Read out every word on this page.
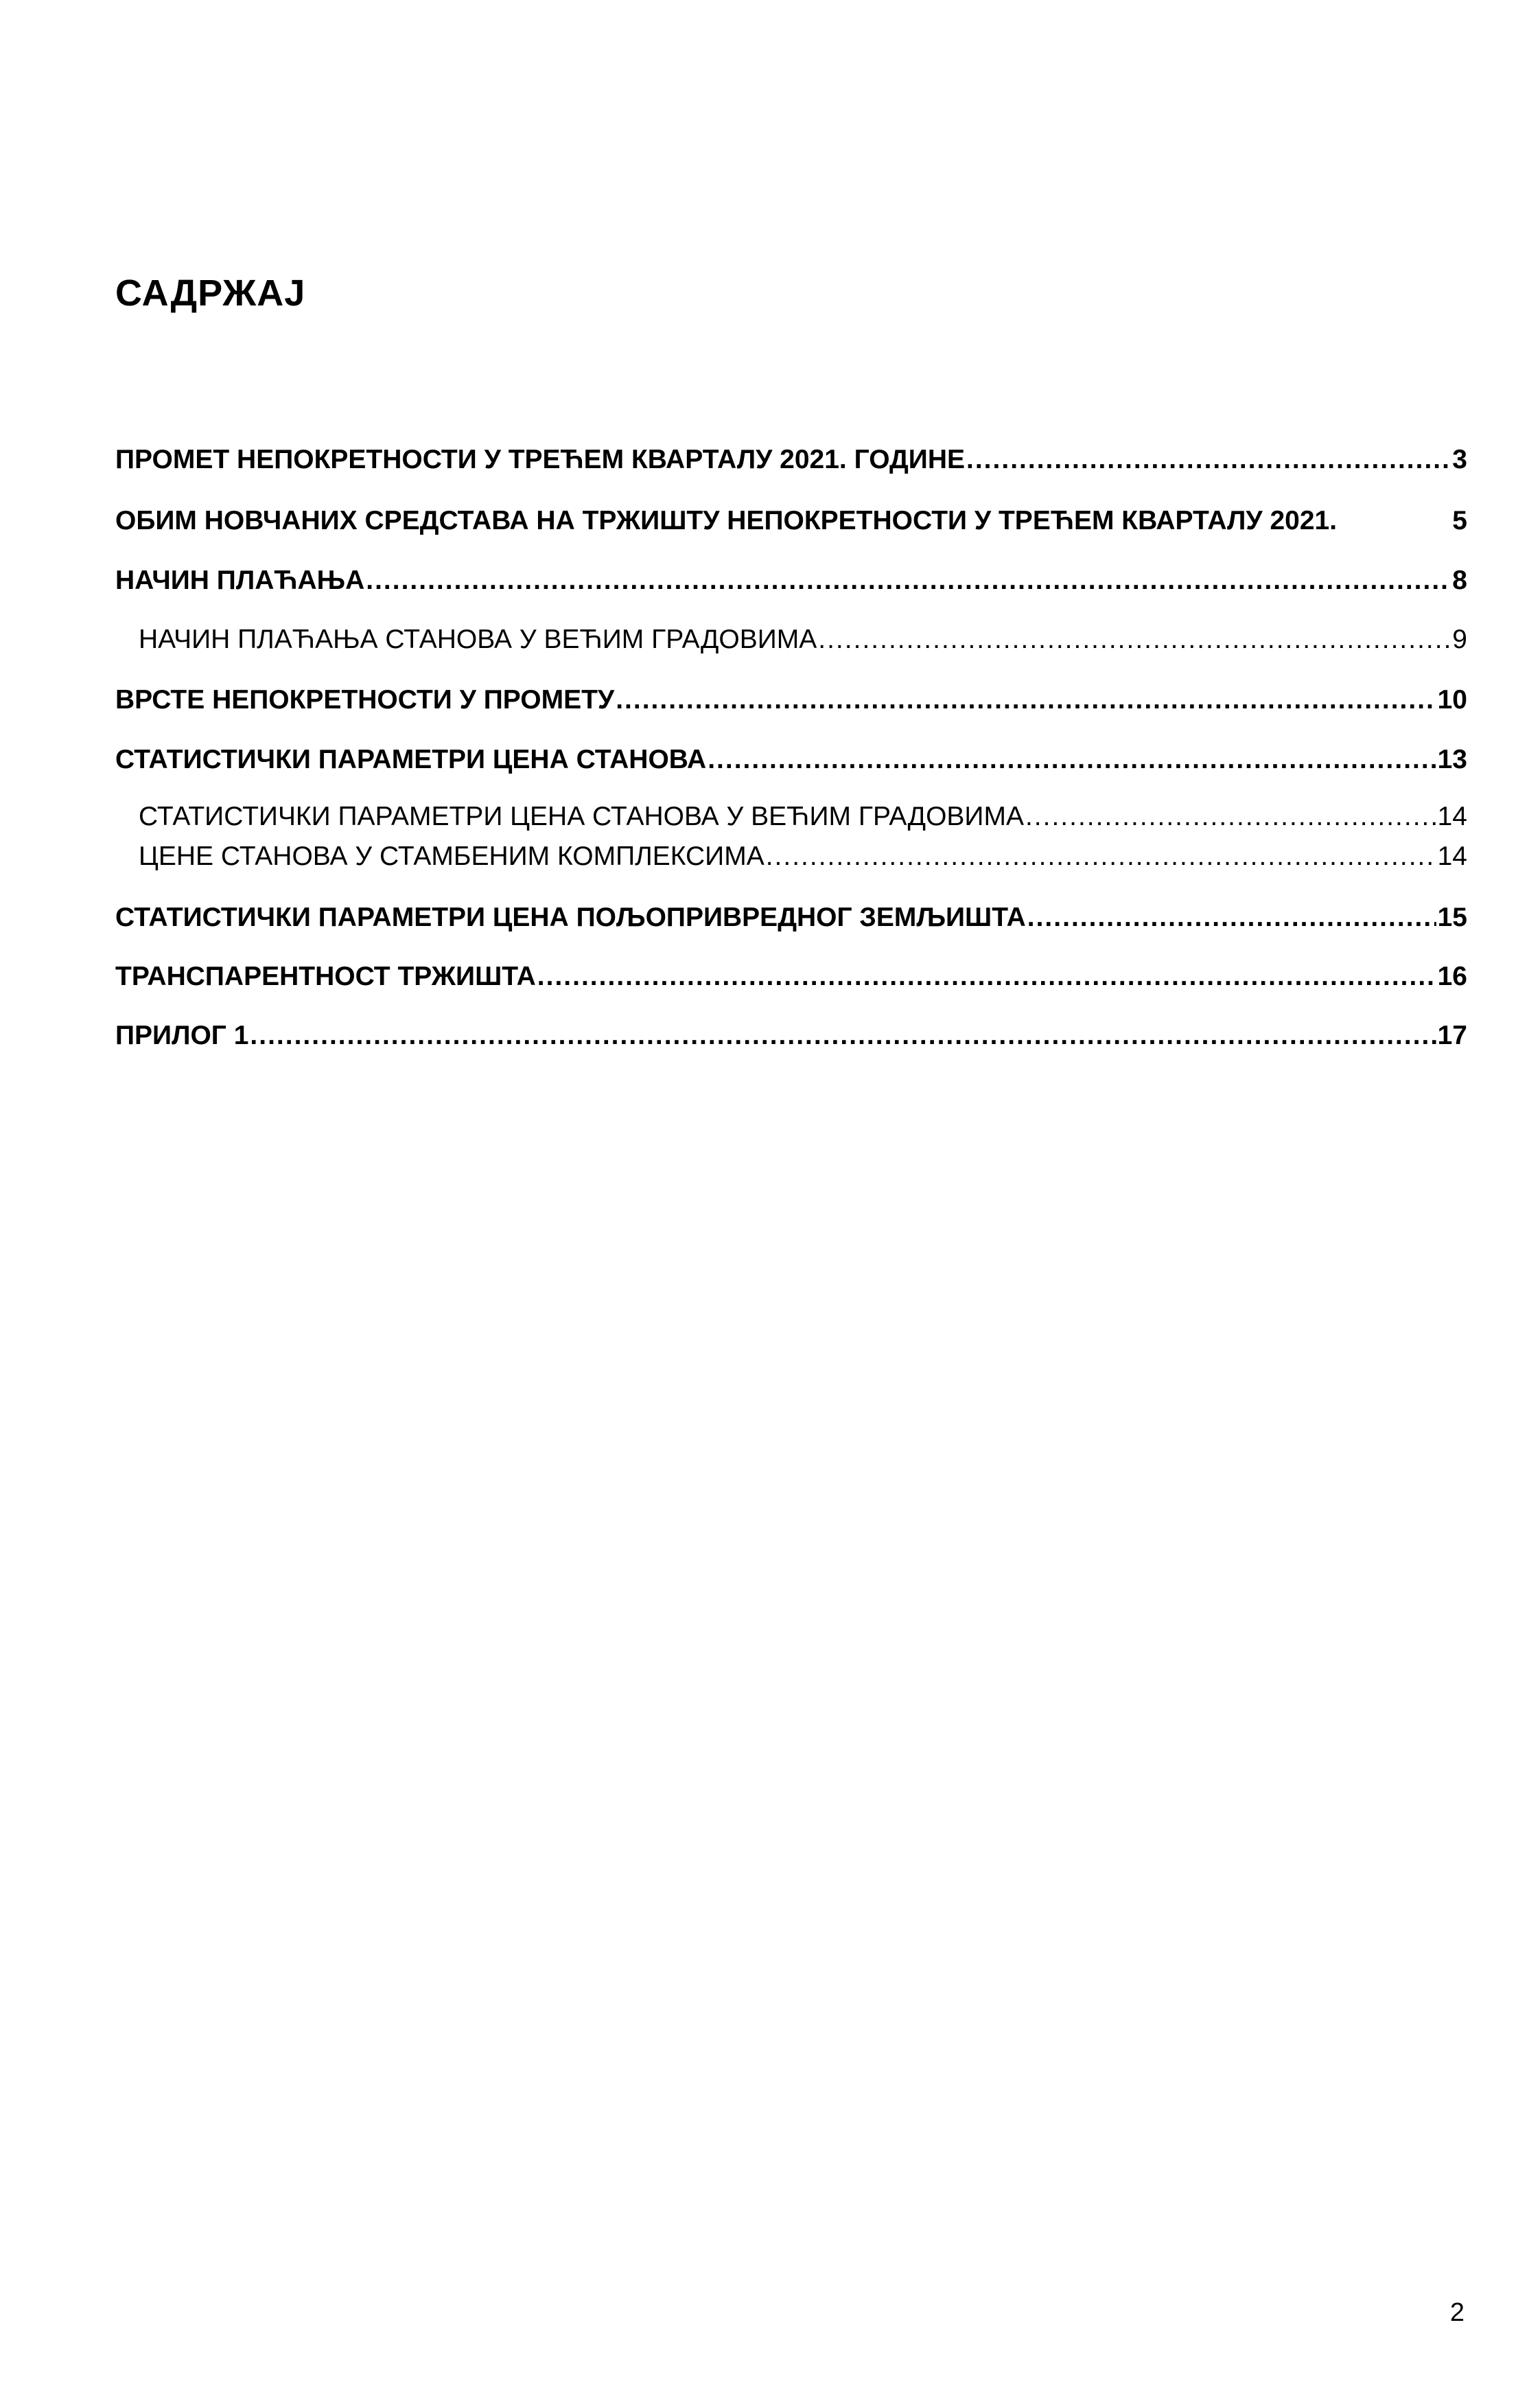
САДРЖАЈ
ПРОМЕТ НЕПОКРЕТНОСТИ У ТРЕЋЕМ КВАРТАЛУ 2021. ГОДИНЕ .....	3
ОБИМ НОВЧАНИХ СРЕДСТАВА НА ТРЖИШТУ НЕПОКРЕТНОСТИ У ТРЕЋЕМ КВАРТАЛУ 2021.	5
НАЧИН ПЛАЋАЊА .....	8
НАЧИН ПЛАЋАЊА СТАНОВА У ВЕЋИМ ГРАДОВИМА .....	9
ВРСТЕ НЕПОКРЕТНОСТИ У ПРОМЕТУ .....	10
СТАТИСТИЧКИ ПАРАМЕТРИ ЦЕНА СТАНОВА .....	13
СТАТИСТИЧКИ ПАРАМЕТРИ ЦЕНА СТАНОВА У ВЕЋИМ ГРАДОВИМА .....	14
ЦЕНЕ СТАНОВА У СТАМБЕНИМ КОМПЛЕКСИМА .....	14
СТАТИСТИЧКИ ПАРАМЕТРИ ЦЕНА ПОЉОПРИВРЕДНОГ ЗЕМЉИШТА .....	15
ТРАНСПАРЕНТНОСТ ТРЖИШТА .....	16
ПРИЛОГ 1 .....	17
2
